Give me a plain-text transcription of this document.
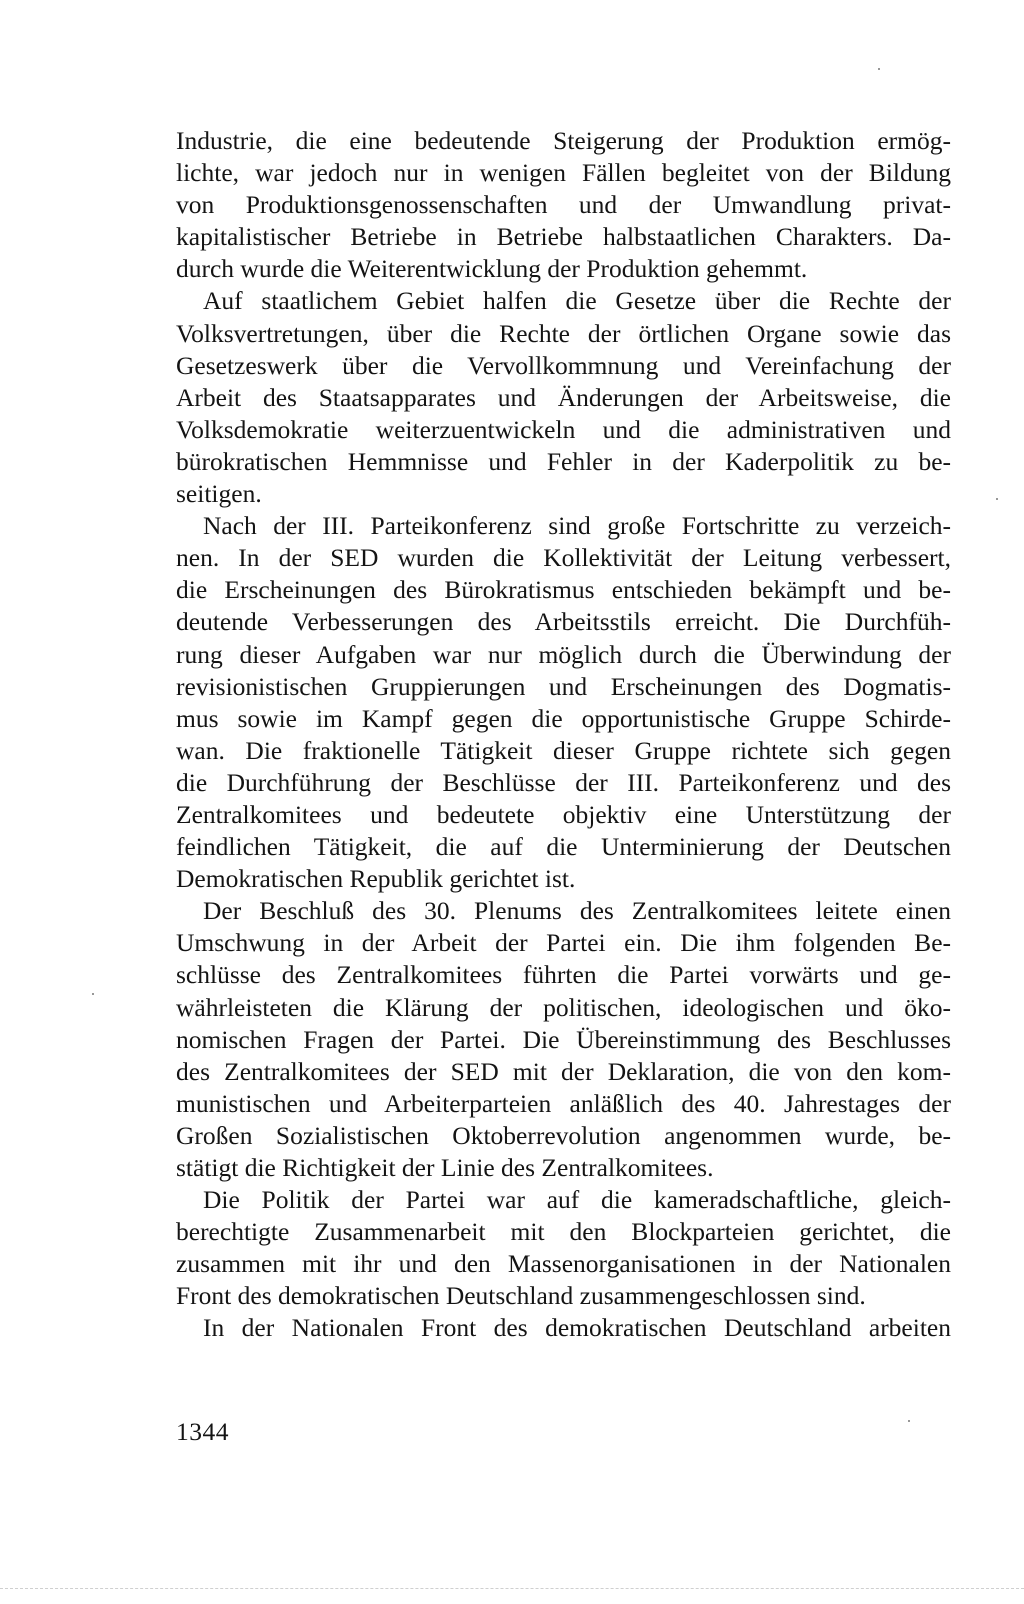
Industrie, die eine bedeutende Steigerung der Produktion ermög-
lichte, war jedoch nur in wenigen Fällen begleitet von der Bildung
von Produktionsgenossenschaften und der Umwandlung privat-
kapitalistischer Betriebe in Betriebe halbstaatlichen Charakters. Da-
durch wurde die Weiterentwicklung der Produktion gehemmt.
Auf staatlichem Gebiet halfen die Gesetze über die Rechte der
Volksvertretungen, über die Rechte der örtlichen Organe sowie das
Gesetzeswerk über die Vervollkommnung und Vereinfachung der
Arbeit des Staatsapparates und Änderungen der Arbeitsweise, die
Volksdemokratie weiterzuentwickeln und die administrativen und
bürokratischen Hemmnisse und Fehler in der Kaderpolitik zu be-
seitigen.
Nach der III. Parteikonferenz sind große Fortschritte zu verzeich-
nen. In der SED wurden die Kollektivität der Leitung verbessert,
die Erscheinungen des Bürokratismus entschieden bekämpft und be-
deutende Verbesserungen des Arbeitsstils erreicht. Die Durchfüh-
rung dieser Aufgaben war nur möglich durch die Überwindung der
revisionistischen Gruppierungen und Erscheinungen des Dogmatis-
mus sowie im Kampf gegen die opportunistische Gruppe Schirde-
wan. Die fraktionelle Tätigkeit dieser Gruppe richtete sich gegen
die Durchführung der Beschlüsse der III. Parteikonferenz und des
Zentralkomitees und bedeutete objektiv eine Unterstützung der
feindlichen Tätigkeit, die auf die Unterminierung der Deutschen
Demokratischen Republik gerichtet ist.
Der Beschluß des 30. Plenums des Zentralkomitees leitete einen
Umschwung in der Arbeit der Partei ein. Die ihm folgenden Be-
schlüsse des Zentralkomitees führten die Partei vorwärts und ge-
währleisteten die Klärung der politischen, ideologischen und öko-
nomischen Fragen der Partei. Die Übereinstimmung des Beschlusses
des Zentralkomitees der SED mit der Deklaration, die von den kom-
munistischen und Arbeiterparteien anläßlich des 40. Jahrestages der
Großen Sozialistischen Oktoberrevolution angenommen wurde, be-
stätigt die Richtigkeit der Linie des Zentralkomitees.
Die Politik der Partei war auf die kameradschaftliche, gleich-
berechtigte Zusammenarbeit mit den Blockparteien gerichtet, die
zusammen mit ihr und den Massenorganisationen in der Nationalen
Front des demokratischen Deutschland zusammengeschlossen sind.
In der Nationalen Front des demokratischen Deutschland arbeiten
1344
